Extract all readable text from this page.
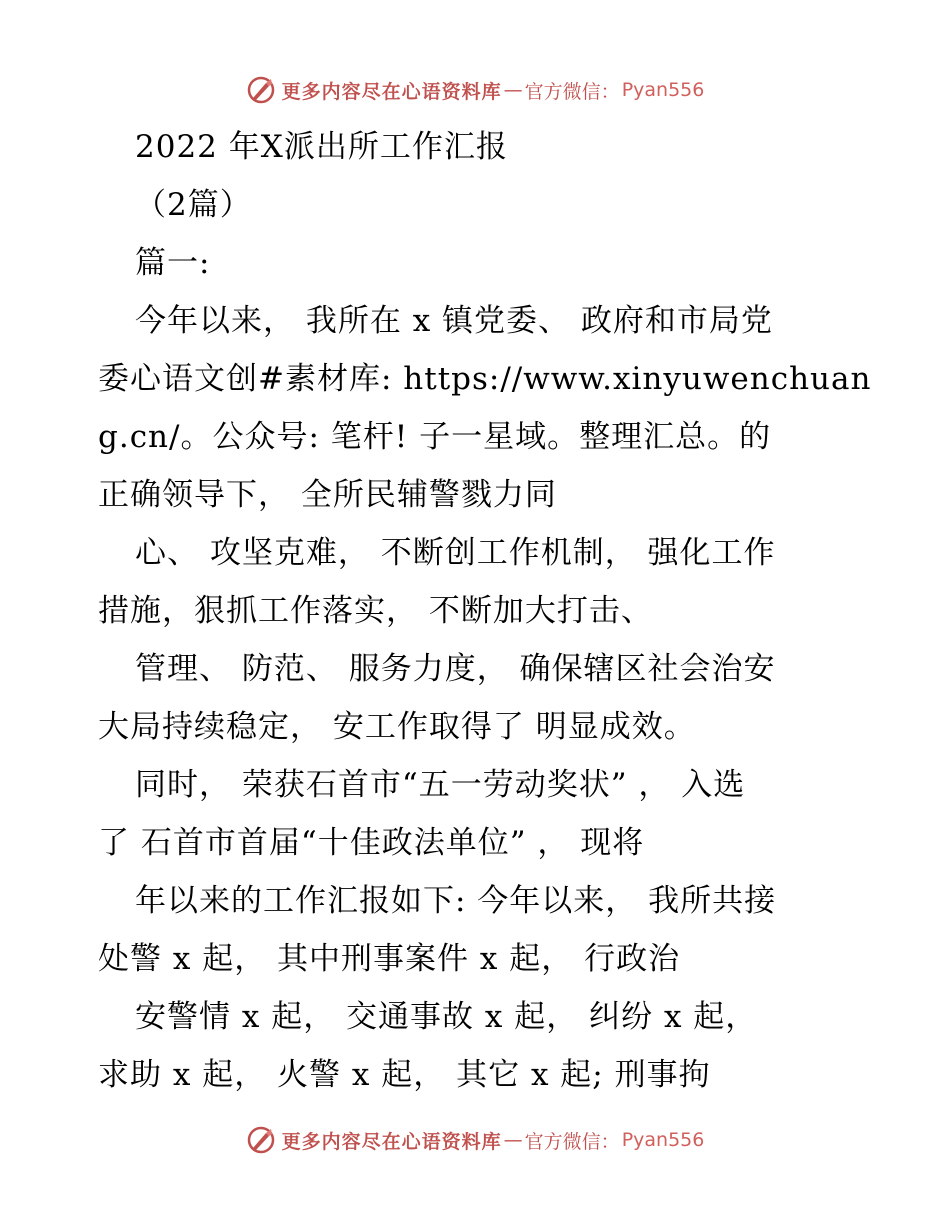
更多内容尽在心语资料库 — 官方微信： Pyan556
2022 年X派出所工作汇报
（2篇）
篇一:
今年以来， 我所在 x 镇党委、 政府和市局党
委心语文创#素材库: https://www.xinyuwenchuan
g.cn/。公众号: 笔杆! 子一星域。整理汇总。的
正确领导下， 全所民辅警戮力同
心、 攻坚克难， 不断创工作机制， 强化工作
措施，狠抓工作落实， 不断加大打击、
管理、 防范、 服务力度， 确保辖区社会治安
大局持续稳定， 安工作取得了 明显成效。
同时， 荣获石首市“五一劳动奖状” ， 入选
了 石首市首届“十佳政法单位” ， 现将
年以来的工作汇报如下: 今年以来， 我所共接
处警 x 起， 其中刑事案件 x 起， 行政治
安警情 x 起， 交通事故 x 起， 纠纷 x 起，
求助 x 起， 火警 x 起， 其它 x 起; 刑事拘
更多内容尽在心语资料库 — 官方微信： Pyan556
